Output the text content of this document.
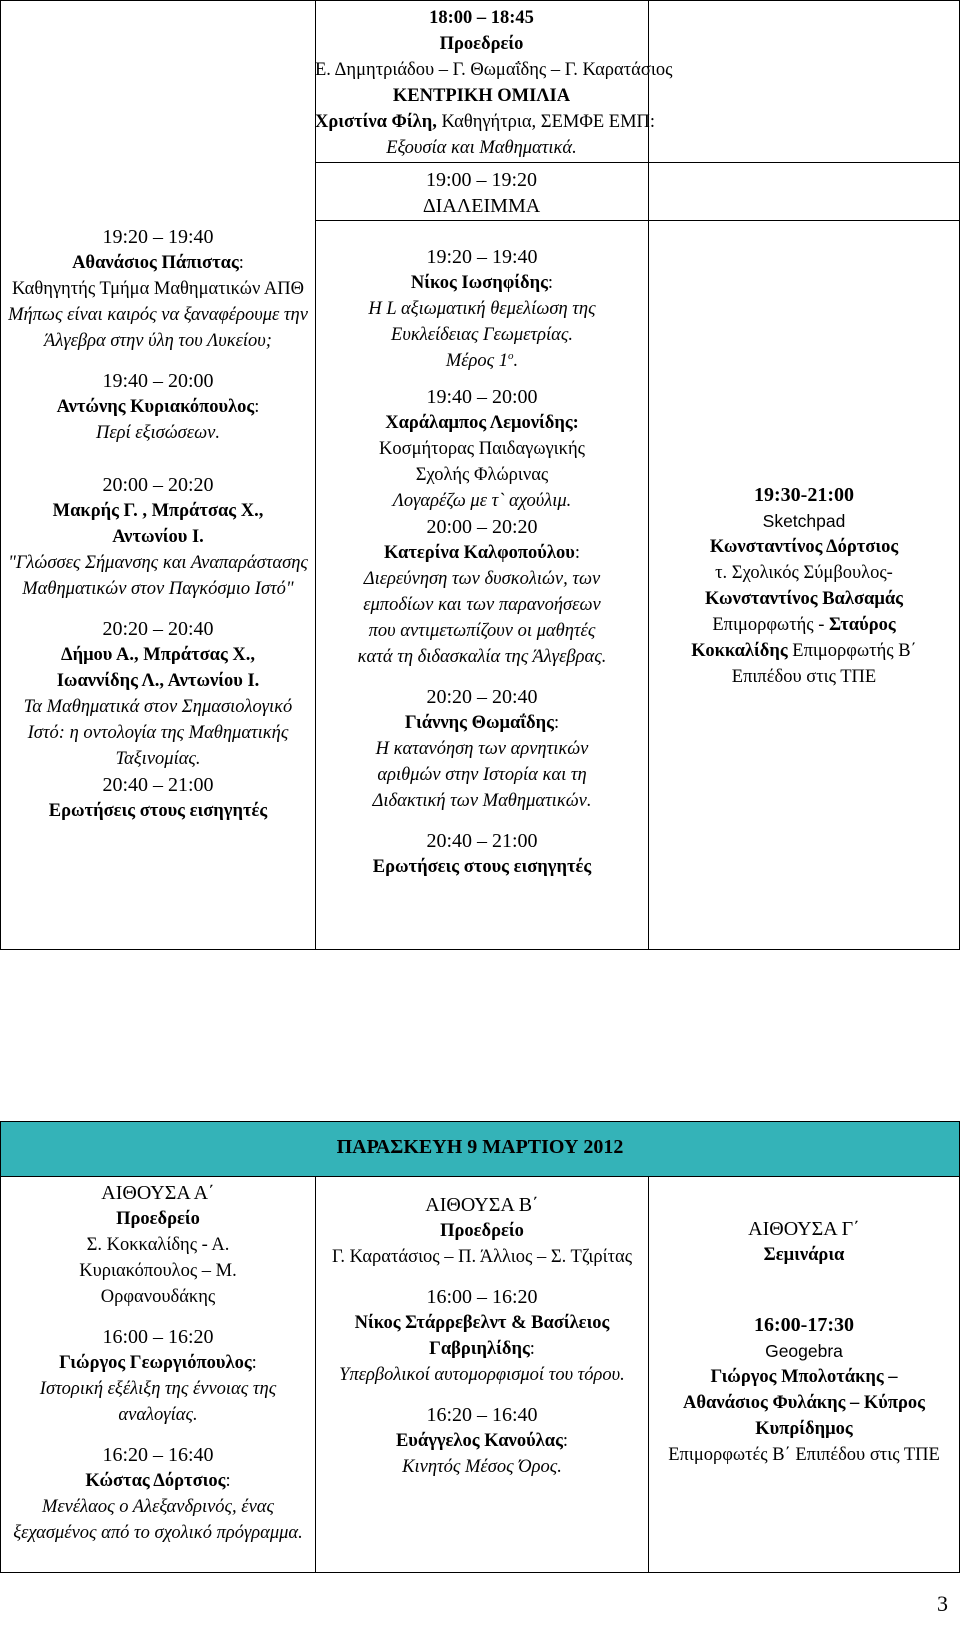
18:00 – 18:45
Προεδρείο
Ε. Δημητριάδου – Γ. Θωμαΐδης – Γ. Καρατάσιος
ΚΕΝΤΡΙΚΗ ΟΜΙΛΙΑ
Χριστίνα Φίλη, Καθηγήτρια, ΣΕΜΦΕ ΕΜΠ:
Εξουσία και Μαθηματικά.
19:00 – 19:20
ΔΙΑΛΕΙΜΜΑ
19:20 – 19:40
Αθανάσιος Πάπιστας:
Καθηγητής Τμήμα Μαθηματικών ΑΠΘ
Μήπως είναι καιρός να ξαναφέρουμε την Άλγεβρα στην ύλη του Λυκείου;
19:40 – 20:00
Αντώνης Κυριακόπουλος:
Περί εξισώσεων.
20:00 – 20:20
Μακρής Γ. , Μπράτσας Χ., Αντωνίου Ι.
"Γλώσσες Σήμανσης και Αναπαράστασης Μαθηματικών στον Παγκόσμιο Ιστό"
20:20 – 20:40
Δήμου Α., Μπράτσας Χ., Ιωαννίδης Λ., Αντωνίου Ι.
Τα Μαθηματικά στον Σημασιολογικό Ιστό: η οντολογία της Μαθηματικής Ταξινομίας.
20:40 – 21:00
Ερωτήσεις στους εισηγητές
19:20 – 19:40
Νίκος Ιωσηφίδης:
Η L αξιωματική θεμελίωση της Ευκλείδειας Γεωμετρίας.
Μέρος $1^o$.
19:40 – 20:00
Χαράλαμπος Λεμονίδης:
Κοσμήτορας Παιδαγωγικής Σχολής Φλώρινας
Λογαρέζω με τ` αχούλιμ.
20:00 – 20:20
Κατερίνα Καλφοπούλου:
Διερεύνηση των δυσκολιών, των εμποδίων και των παρανοήσεων που αντιμετωπίζουν οι μαθητές κατά τη διδασκαλία της Άλγεβρας.
20:20 – 20:40
Γιάννης Θωμαΐδης:
Η κατανόηση των αρνητικών αριθμών στην Ιστορία και τη Διδακτική των Μαθηματικών.
20:40 – 21:00
Ερωτήσεις στους εισηγητές
19:30-21:00
Sketchpad
Κωνσταντίνος Δόρτσιος
τ. Σχολικός Σύμβουλος-
Κωνσταντίνος Βαλσαμάς
Επιμορφωτής - Σταύρος Κοκκαλίδης Επιμορφωτής Β΄ Επιπέδου στις ΤΠΕ
ΠΑΡΑΣΚΕΥΗ 9 ΜΑΡΤΙΟΥ 2012
ΑΙΘΟΥΣΑ Α΄
Προεδρείο
Σ. Κοκκαλίδης - Α. Κυριακόπουλος – Μ. Ορφανουδάκης
16:00 – 16:20
Γιώργος Γεωργιόπουλος:
Ιστορική εξέλιξη της έννοιας της αναλογίας.
16:20 – 16:40
Κώστας Δόρτσιος:
Μενέλαος ο Αλεξανδρινός, ένας ξεχασμένος από το σχολικό πρόγραμμα.
ΑΙΘΟΥΣΑ Β΄
Προεδρείο
Γ. Καρατάσιος – Π. Άλλιος – Σ. Τζιρίτας
16:00 – 16:20
Νίκος Στάρρεβελντ & Βασίλειος Γαβριηλίδης:
Υπερβολικοί αυτομορφισμοί του τόρου.
16:20 – 16:40
Ευάγγελος Κανούλας:
Κινητός Μέσος Όρος.
ΑΙΘΟΥΣΑ Γ΄
Σεμινάρια
16:00-17:30
Geogebra
Γιώργος Μπολοτάκης – Αθανάσιος Φυλάκης – Κύπρος Κυπρίδημος
Επιμορφωτές Β΄ Επιπέδου στις ΤΠΕ
3
